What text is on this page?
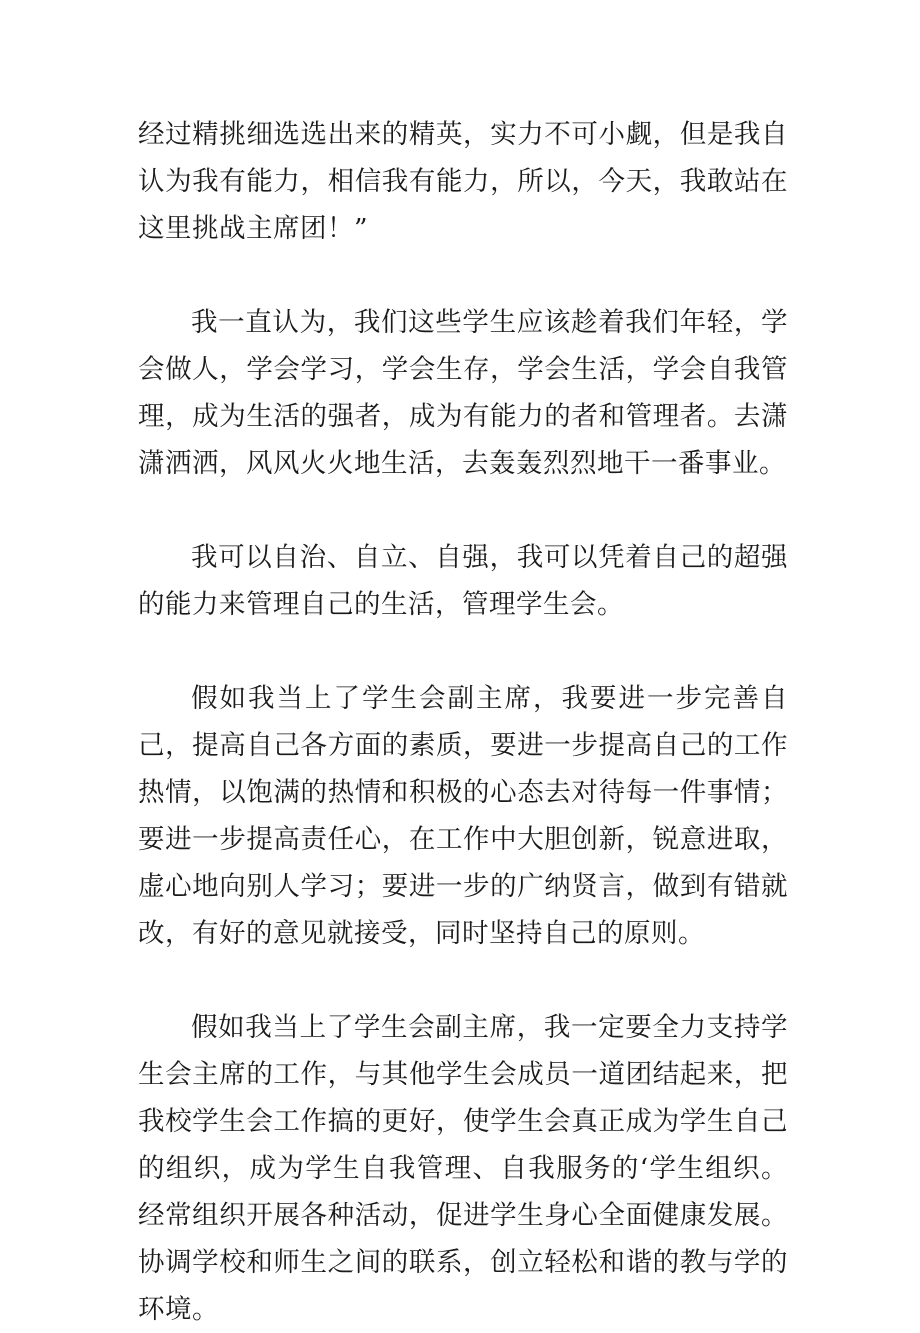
经过精挑细选选出来的精英，实力不可小觑，但是我自认为我有能力，相信我有能力，所以，今天，我敢站在这里挑战主席团！”

我一直认为，我们这些学生应该趁着我们年轻，学会做人，学会学习，学会生存，学会生活，学会自我管理，成为生活的强者，成为有能力的者和管理者。去潇潇洒洒，风风火火地生活，去轰轰烈烈地干一番事业。

我可以自治、自立、自强，我可以凭着自己的超强的能力来管理自己的生活，管理学生会。

假如我当上了学生会副主席，我要进一步完善自己，提高自己各方面的素质，要进一步提高自己的工作热情，以饱满的热情和积极的心态去对待每一件事情；要进一步提高责任心，在工作中大胆创新，锐意进取，虚心地向别人学习；要进一步的广纳贤言，做到有错就改，有好的意见就接受，同时坚持自己的原则。

假如我当上了学生会副主席，我一定要全力支持学生会主席的工作，与其他学生会成员一道团结起来，把我校学生会工作搞的更好，使学生会真正成为学生自己的组织，成为学生自我管理、自我服务的‘学生组织。经常组织开展各种活动，促进学生身心全面健康发展。协调学校和师生之间的联系，创立轻松和谐的教与学的环境。
